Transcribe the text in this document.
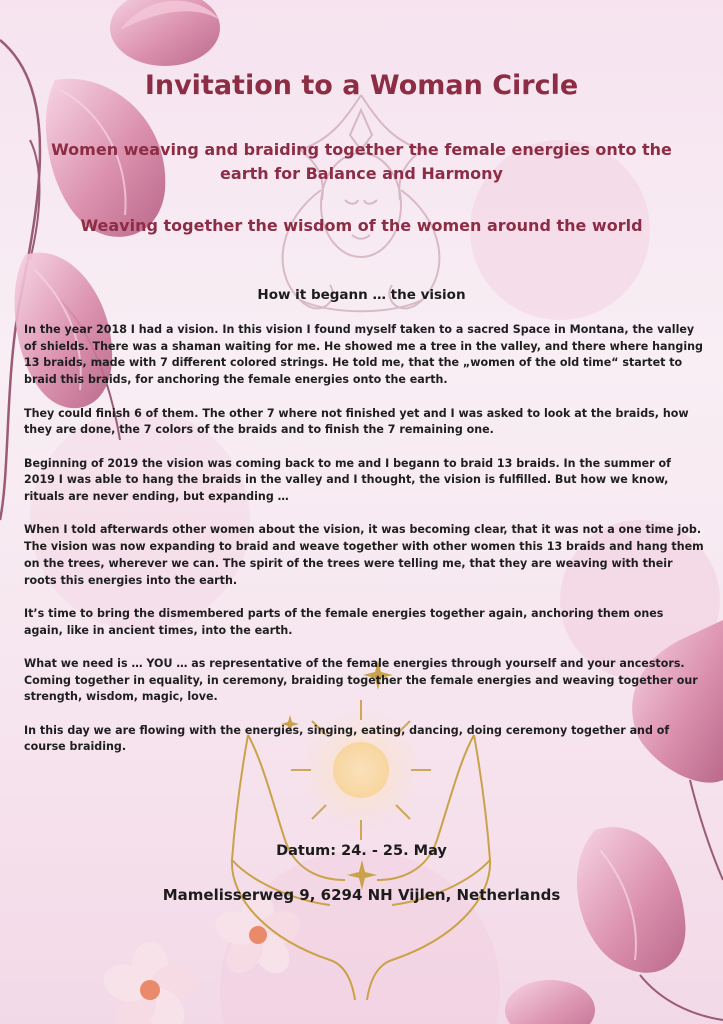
Invitation to a Woman Circle
Women weaving and braiding together the female energies onto the earth for Balance and Harmony
Weaving together the wisdom of the women around the world
How it begann … the vision

In the year 2018 I had a vision. In this vision I found myself taken to a sacred Space in Montana, the valley of shields. There was a shaman waiting for me. He showed me a tree in the valley, and there where hanging 13 braids, made with 7 different colored strings. He told me, that the „women of the old time“ startet to braid this braids, for anchoring the female energies onto the earth.

They could finish 6 of them. The other 7 where not finished yet and I was asked to look at the braids, how they are done, the 7 colors of the braids and to finish the 7 remaining one.

Beginning of 2019 the vision was coming back to me and I begann to braid 13 braids. In the summer of 2019 I was able to hang the braids in the valley and I thought, the vision is fulfilled. But how we know, rituals are never ending, but expanding …

When I told afterwards other women about the vision, it was becoming clear, that it was not a one time job. The vision was now expanding to braid and weave together with other women this 13 braids and hang them on the trees, wherever we can. The spirit of the trees were telling me, that they are weaving with their roots this energies into the earth.

It’s time to bring the dismembered parts of the female energies together again, anchoring them ones again, like in ancient times, into the earth.

What we need is … YOU … as representative of the female energies through yourself and your ancestors. Coming together in equality, in ceremony, braiding together the female energies and weaving together our strength, wisdom, magic, love.

In this day we are flowing with the energies, singing, eating, dancing, doing ceremony together and of course braiding.

Datum: 24. - 25. May

Mamelisserweg 9, 6294 NH Vijlen, Netherlands
